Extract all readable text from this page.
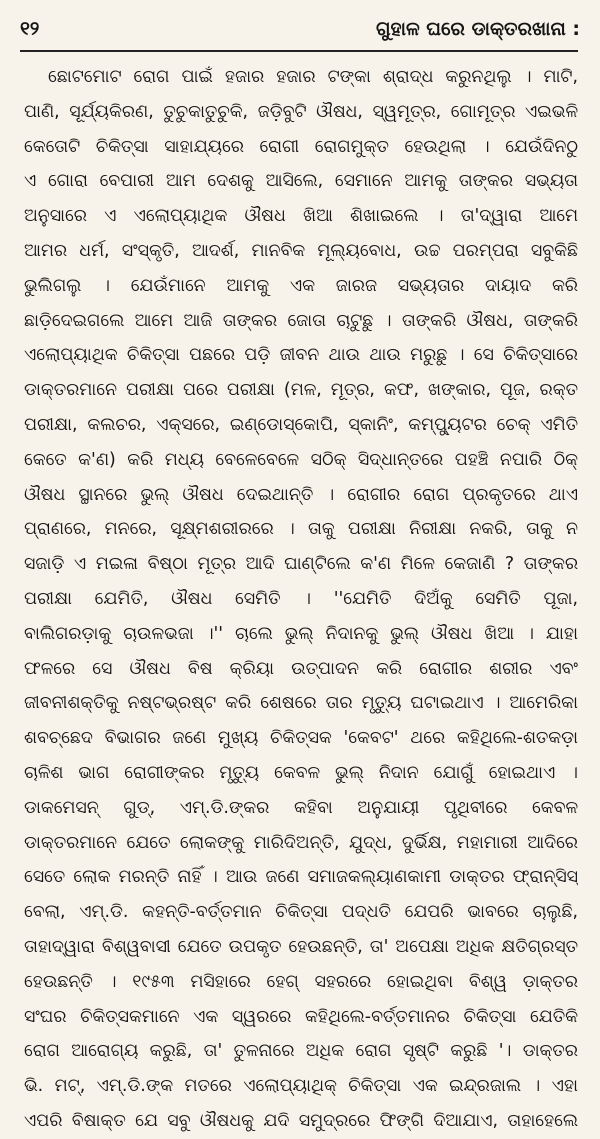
୧୨	ଗୁହାଳ ଘରେ ଡାକ୍ତରଖାନା :
ଛୋଟମୋଟ ରୋଗ ପାଇଁ ହଜାର ହଜାର ଟଙ୍କା ଶ୍ରାଦ୍ଧ କରୁନଥିଲୁ । ମାଟି,
ପାଣି, ସୂର୍ଯ୍ୟକିରଣ, ତୁଚୁକାତୁଚୁକି, ଜଡ଼ିବୁଟି ଔଷଧ, ସ୍ୱମୂତ୍ର, ଗୋମୂତ୍ର ଏଇଭଳି
କେତୋଟି ଚିକିତ୍ସା ସାହାଯ୍ୟରେ ରୋଗୀ ରୋଗମୁକ୍ତ ହେଉଥିଲା । ଯେଉଁଦିନଠୁ
ଏ ଗୋରା ବେପାରୀ ଆମ ଦେଶକୁ ଆସିଲେ, ସେମାନେ ଆମକୁ ତାଙ୍କର ସଭ୍ୟତା
ଅନୁସାରେ ଏ ଏଲୋପ୍ୟାଥିକ ଔଷଧ ଖିଆ ଶିଖାଇଲେ । ତା'ଦ୍ୱାରା ଆମେ
ଆମର ଧର୍ମ, ସଂସ୍କୃତି, ଆଦର୍ଶ, ମାନବିକ ମୂଲ୍ୟବୋଧ, ଉଚ୍ଚ ପରମ୍ପରା ସବୁକିଛି
ଭୁଲିଗଲୁ । ଯେଉଁମାନେ ଆମକୁ ଏକ ଜାରଜ ସଭ୍ୟତାର ଦାୟାଦ କରି
ଛାଡ଼ିଦେଇଗଲେ ଆମେ ଆଜି ତାଙ୍କର ଜୋତା ଚାଟୁଛୁ । ତାଙ୍କରି ଔଷଧ, ତାଙ୍କରି
ଏଲୋପ୍ୟାଥିକ ଚିକିତ୍ସା ପଛରେ ପଡ଼ି ଜୀବନ ଥାଉ ଥାଉ ମରୁଛୁ । ସେ ଚିକିତ୍ସାରେ
ଡାକ୍ତରମାନେ ପରୀକ୍ଷା ପରେ ପରୀକ୍ଷା (ମଳ, ମୂତ୍ର, କଫ, ଖଙ୍କାର, ପୂଜ, ରକ୍ତ
ପରୀକ୍ଷା, କଲଚର, ଏକ୍ସରେ, ଇଣ୍ଡୋସ୍କୋପି, ସ୍କାନିଂ, କମ୍ପ୍ୟୁଟର ଚେକ୍ ଏମିତି
କେତେ କ'ଣ) କରି ମଧ୍ୟ ବେଳେବେଳେ ସଠିକ୍ ସିଦ୍ଧାନ୍ତରେ ପହଞ୍ଚି ନପାରି ଠିକ୍
ଔଷଧ ସ୍ଥାନରେ ଭୁଲ୍ ଔଷଧ ଦେଇଥାନ୍ତି । ରୋଗୀର ରୋଗ ପ୍ରକୃତରେ ଥାଏ
ପ୍ରାଣରେ, ମନରେ, ସୂକ୍ଷ୍ମଶରୀରରେ । ତାକୁ ପରୀକ୍ଷା ନିରୀକ୍ଷା ନକରି, ତାକୁ ନ
ସଜାଡ଼ି ଏ ମଇଳା ବିଷ୍ଠା ମୂତ୍ର ଆଦି ଘାଣ୍ଟିଲେ କ'ଣ ମିଳେ କେଜାଣି ? ତାଙ୍କର
ପରୀକ୍ଷା ଯେମିତି, ଔଷଧ ସେମିତି । ''ଯେମିତି ଦିଅଁକୁ ସେମିତି ପୂଜା,
ବାଲିଗରଡ଼ାକୁ ଚାଉଳଭଜା ।'' ଚାଲେ ଭୁଲ୍ ନିଦାନକୁ ଭୁଲ୍ ଔଷଧ ଖିଆ । ଯାହା
ଫଳରେ ସେ ଔଷଧ ବିଷ କ୍ରିୟା ଉତ୍ପାଦନ କରି ରୋଗୀର ଶରୀର ଏବଂ
ଜୀବନୀଶକ୍ତିକୁ ନଷ୍ଟଭ୍ରଷ୍ଟ କରି ଶେଷରେ ତାର ମୃତ୍ୟୁ ଘଟାଇଥାଏ । ଆମେରିକା
ଶବଚ୍ଛେଦ ବିଭାଗର ଜଣେ ମୁଖ୍ୟ ଚିକିତ୍ସକ 'କେବଟ' ଥରେ କହିଥିଲେ-ଶତକଡ଼ା
ଚାଳିଶ ଭାଗ ରୋଗୀଙ୍କର ମୃତ୍ୟୁ କେବଳ ଭୁଲ୍ ନିଦାନ ଯୋଗୁଁ ହୋଇଥାଏ ।
ଡାକମେସନ୍ ଗୁଡ୍, ଏମ୍.ଡି.ଙ୍କର କହିବା ଅନୁଯାୟୀ ପୃଥିବୀରେ କେବଳ
ଡାକ୍ତରମାନେ ଯେତେ ଲୋକଙ୍କୁ ମାରିଦିଅନ୍ତି, ଯୁଦ୍ଧ, ଦୁର୍ଭିକ୍ଷ, ମହାମାରୀ ଆଦିରେ
ସେତେ ଲୋକ ମରନ୍ତି ନାହିଁ । ଆଉ ଜଣେ ସମାଜକଲ୍ୟାଣକାମୀ ଡାକ୍ତର ଫ୍ରାନ୍ସିସ୍
ବେଲା, ଏମ୍.ଡି. କହନ୍ତି-ବର୍ତ୍ତମାନ ଚିକିତ୍ସା ପଦ୍ଧତି ଯେପରି ଭାବରେ ଚାଲୁଛି,
ତାହାଦ୍ୱାରା ବିଶ୍ୱବାସୀ ଯେତେ ଉପକୃତ ହେଉଛନ୍ତି, ତା' ଅପେକ୍ଷା ଅଧିକ କ୍ଷତିଗ୍ରସ୍ତ
ହେଉଛନ୍ତି । ୧୯୫୩ ମସିହାରେ ହେଗ୍ ସହରରେ ହୋଇଥିବା ବିଶ୍ୱ ଡ଼ାକ୍ତର
ସଂଘର ଚିକିତ୍ସକମାନେ ଏକ ସ୍ୱରରେ କହିଥିଲେ-ବର୍ତ୍ତମାନର ଚିକିତ୍ସା ଯେତିକି
ରୋଗ ଆରୋଗ୍ୟ କରୁଛି, ତା' ତୁଳନାରେ ଅଧିକ ରୋଗ ସୃଷ୍ଟି କରୁଛି '। ଡାକ୍ତର
ଭି. ମଟ୍, ଏମ୍.ଡି.ଙ୍କ ମତରେ ଏଲୋପ୍ୟାଥିକ୍ ଚିକିତ୍ସା ଏକ ଇନ୍ଦ୍ରଜାଲ । ଏହା
ଏପରି ବିଷାକ୍ତ ଯେ ସବୁ ଔଷଧକୁ ଯଦି ସମୁଦ୍ରରେ ଫିଙ୍ଗି ଦିଆଯାଏ, ତାହାହେଲେ
